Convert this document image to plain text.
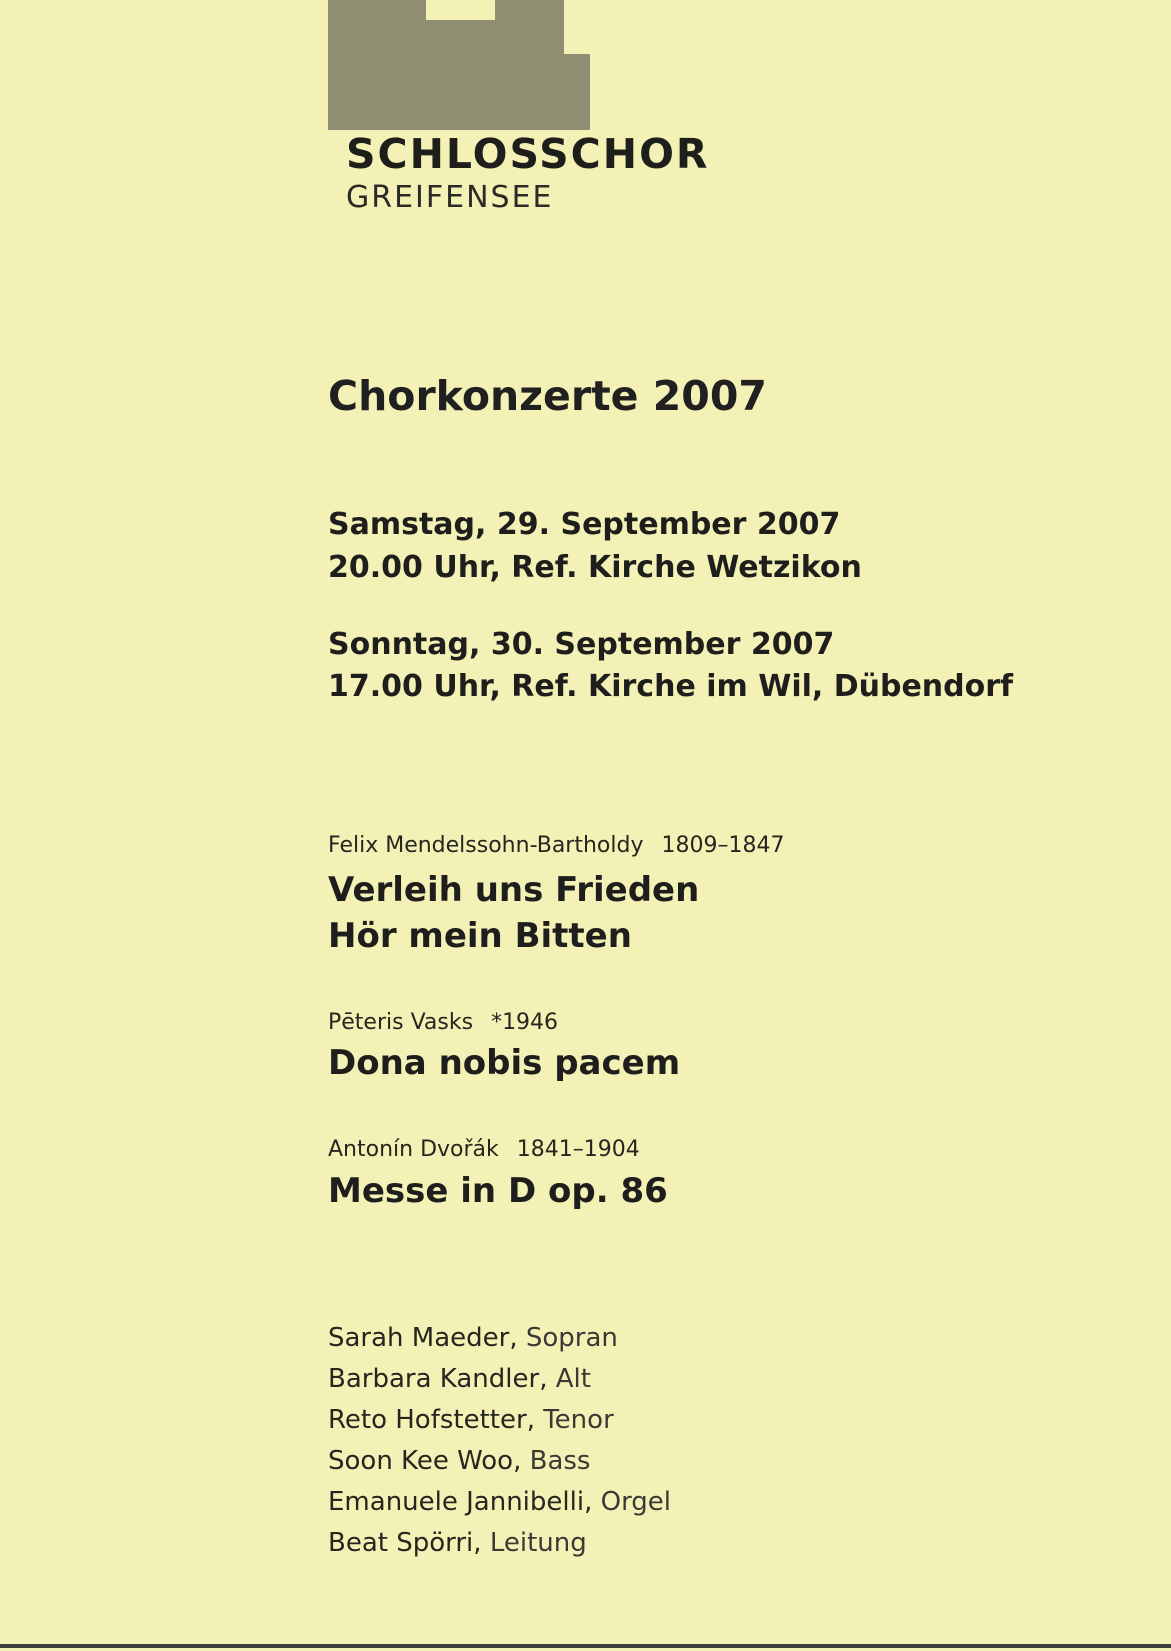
SCHLOSSCHOR
GREIFENSEE
Chorkonzerte 2007
Samstag, 29. September 2007
20.00 Uhr, Ref. Kirche Wetzikon
Sonntag, 30. September 2007
17.00 Uhr, Ref. Kirche im Wil, Dübendorf
Felix Mendelssohn-Bartholdy 1809–1847
Verleih uns Frieden
Hör mein Bitten
Pēteris Vasks *1946
Dona nobis pacem
Antonín Dvořák 1841–1904
Messe in D op. 86
Sarah Maeder, Sopran
Barbara Kandler, Alt
Reto Hofstetter, Tenor
Soon Kee Woo, Bass
Emanuele Jannibelli, Orgel
Beat Spörri, Leitung
